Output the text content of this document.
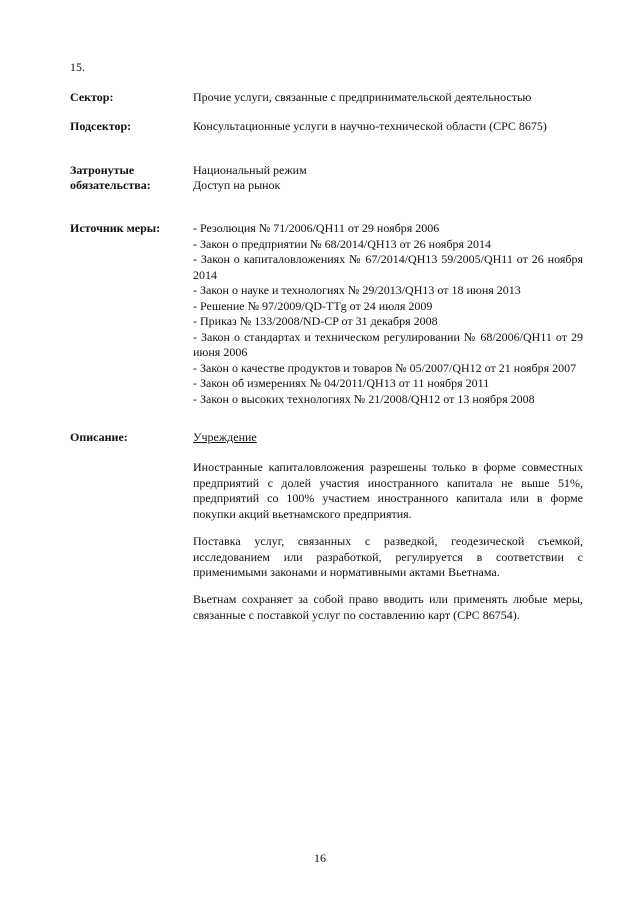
15.
Сектор:	Прочие услуги, связанные с предпринимательской деятельностью
Подсектор:	Консультационные услуги в научно-технической области (CPC 8675)
Затронутые обязательства:
Национальный режим
Доступ на рынок
Источник меры:	- Резолюция № 71/2006/QH11 от 29 ноября 2006
- Закон о предприятии № 68/2014/QH13 от 26 ноября 2014
- Закон о капиталовложениях № 67/2014/QH13 59/2005/QH11 от 26 ноября 2014
- Закон о науке и технологиях № 29/2013/QH13 от 18 июня 2013
- Решение № 97/2009/QD-TTg от 24 июля 2009
- Приказ № 133/2008/ND-CP от 31 декабря 2008
- Закон о стандартах и техническом регулировании № 68/2006/QH11 от 29 июня 2006
- Закон о качестве продуктов и товаров № 05/2007/QH12 от 21 ноября 2007
- Закон об измерениях № 04/2011/QH13 от 11 ноября 2011
- Закон о высоких технологиях № 21/2008/QH12 от 13 ноября 2008
Описание:	Учреждение
Иностранные капиталовложения разрешены только в форме совместных предприятий с долей участия иностранного капитала не выше 51%, предприятий со 100% участием иностранного капитала или в форме покупки акций вьетнамского предприятия.
Поставка услуг, связанных с разведкой, геодезической съемкой, исследованием или разработкой, регулируется в соответствии с применимыми законами и нормативными актами Вьетнама.
Вьетнам сохраняет за собой право вводить или применять любые меры, связанные с поставкой услуг по составлению карт (CPC 86754).
16
